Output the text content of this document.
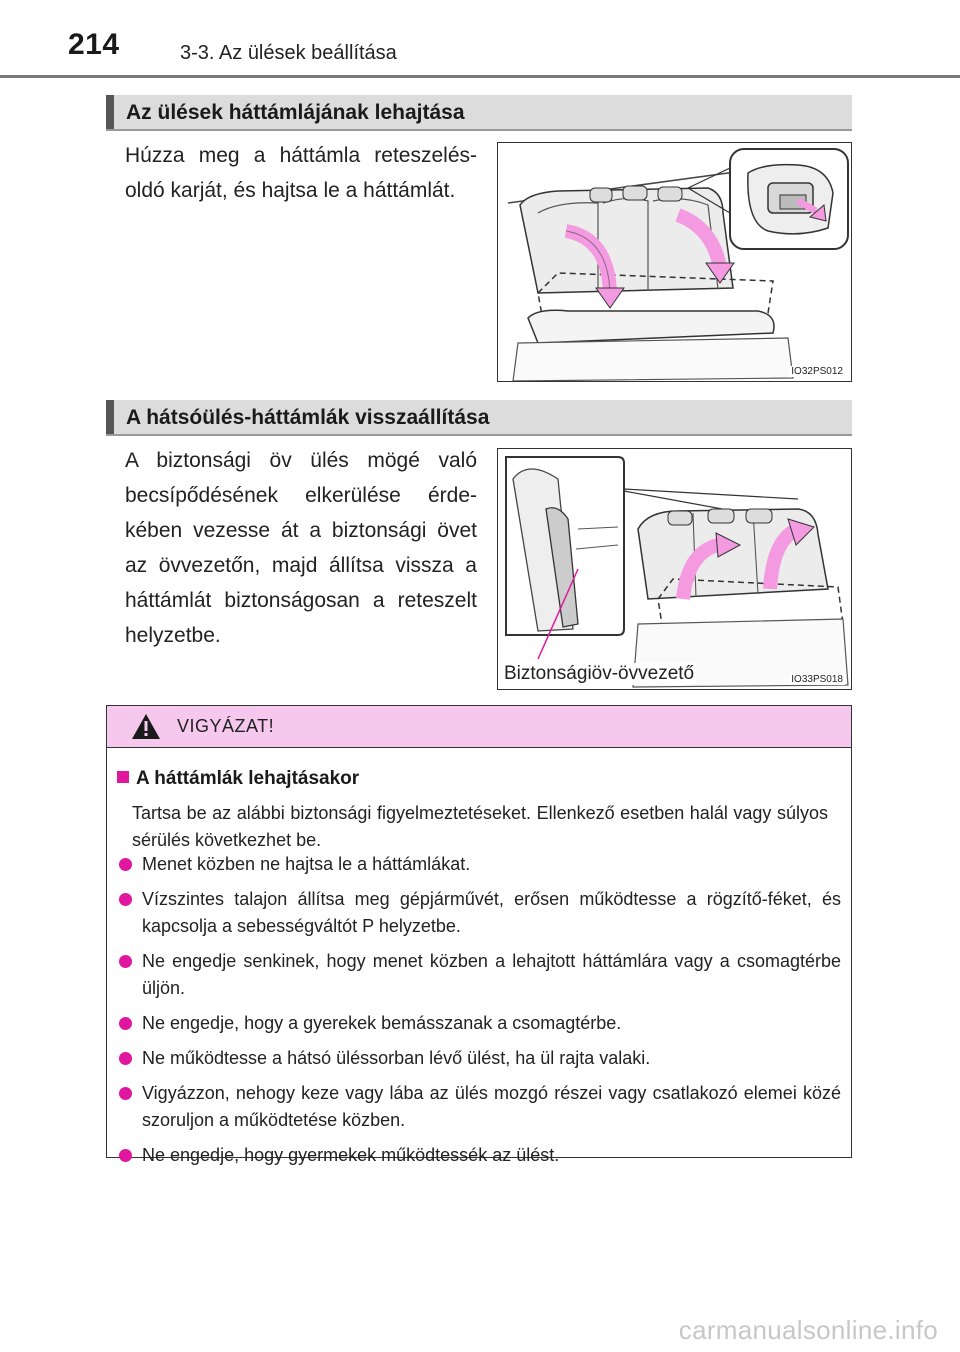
214	3-3. Az ülések beállítása
Az ülések háttámlájának lehajtása
Húzza meg a háttámla reteszelés-oldó karját, és hajtsa le a háttámlát.
IO32PS012
A hátsóülés-háttámlák visszaállítása
A biztonsági öv ülés mögé való becsípődésének elkerülése érde-kében vezesse át a biztonsági övet az övvezetőn, majd állítsa vissza a háttámlát biztonságosan a reteszelt helyzetbe.
Biztonságiöv-övvezető	IO33PS018
VIGYÁZAT!
A háttámlák lehajtásakor
Tartsa be az alábbi biztonsági figyelmeztetéseket. Ellenkező esetben halál vagy súlyos sérülés következhet be.
Menet közben ne hajtsa le a háttámlákat.
Vízszintes talajon állítsa meg gépjárművét, erősen működtesse a rögzítő-féket, és kapcsolja a sebességváltót P helyzetbe.
Ne engedje senkinek, hogy menet közben a lehajtott háttámlára vagy a csomagtérbe üljön.
Ne engedje, hogy a gyerekek bemásszanak a csomagtérbe.
Ne működtesse a hátsó üléssorban lévő ülést, ha ül rajta valaki.
Vigyázzon, nehogy keze vagy lába az ülés mozgó részei vagy csatlakozó elemei közé szoruljon a működtetése közben.
Ne engedje, hogy gyermekek működtessék az ülést.
carmanualsonline.info
